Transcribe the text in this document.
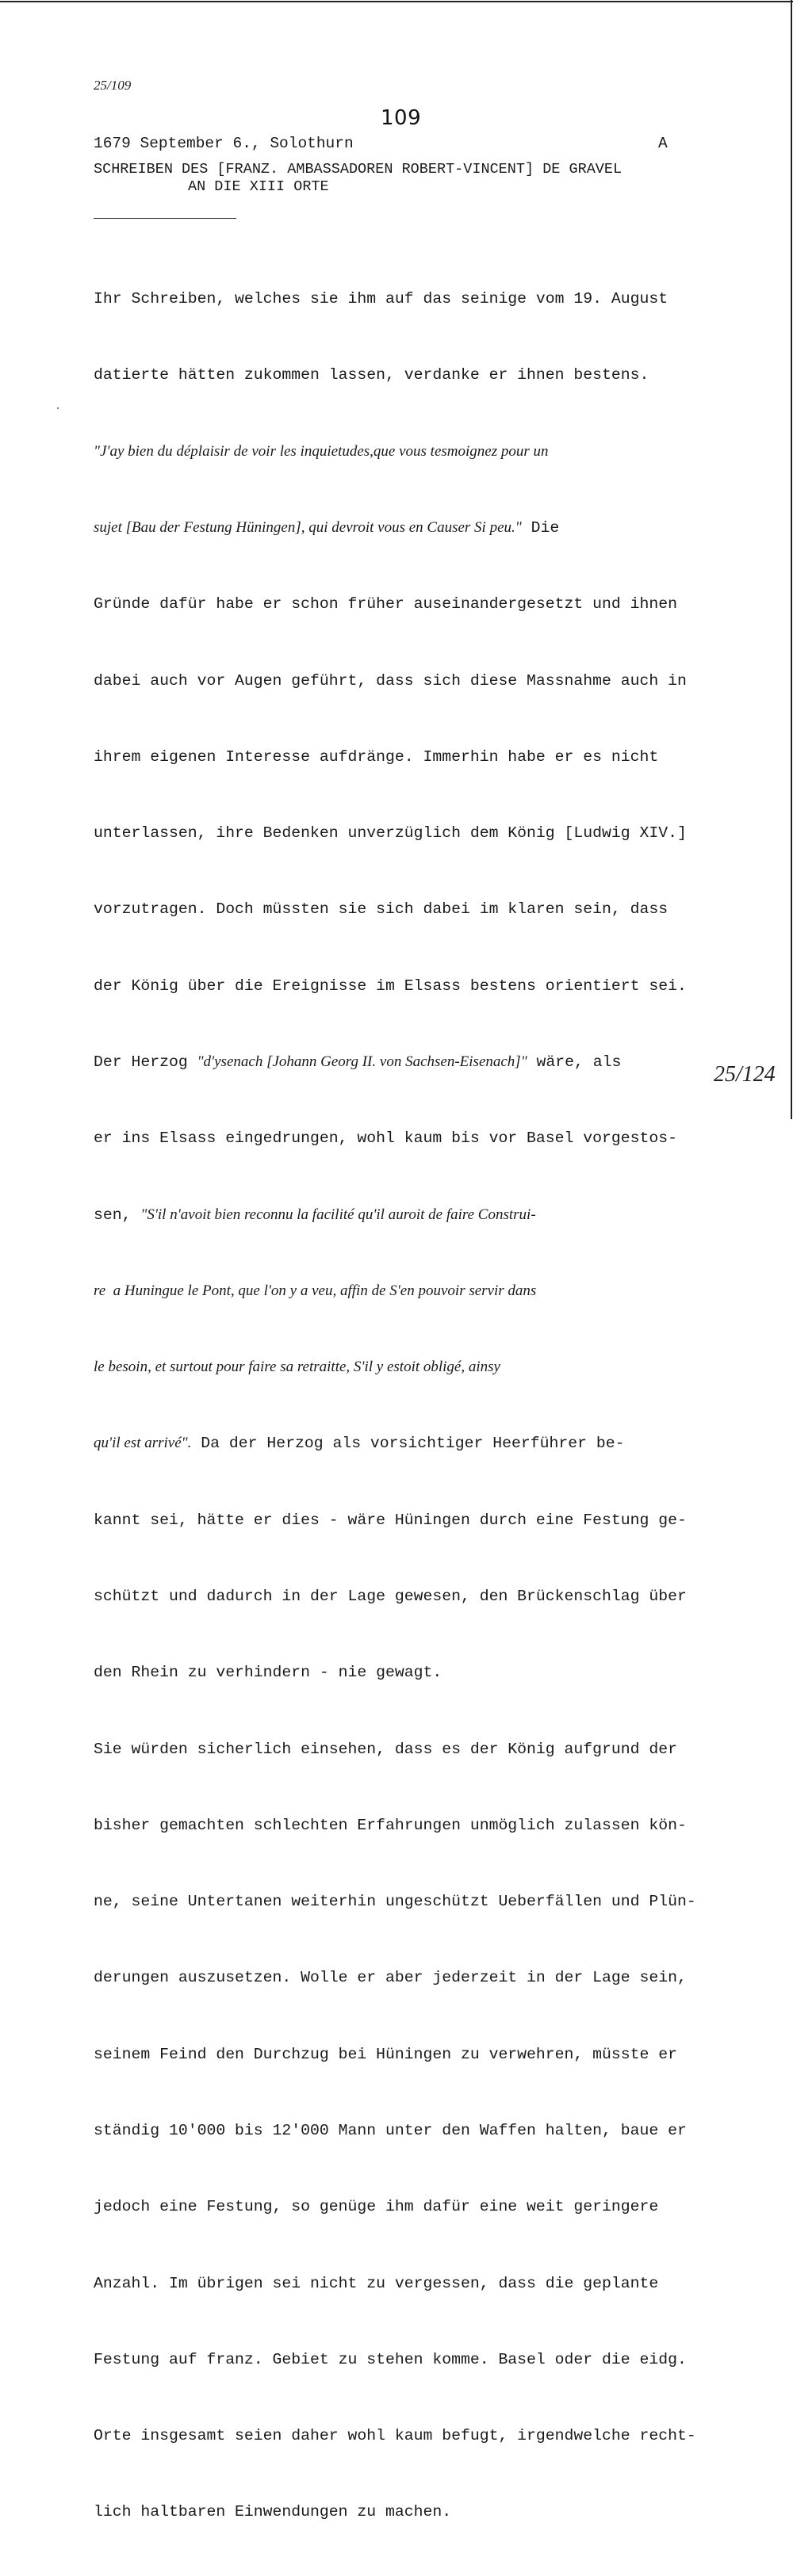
25/109
109
1679 September 6., Solothurn	A
SCHREIBEN DES [FRANZ. AMBASSADOREN ROBERT-VINCENT] DE GRAVEL
AN DIE XIII ORTE

Ihr Schreiben, welches sie ihm auf das seinige vom 19. August

datierte hätten zukommen lassen, verdanke er ihnen bestens.

"J'ay bien du déplaisir de voir les inquietudes,que vous tesmoignez pour un

sujet [Bau der Festung Hüningen], qui devroit vous en Causer Si peu." Die

Gründe dafür habe er schon früher auseinandergesetzt und ihnen

dabei auch vor Augen geführt, dass sich diese Massnahme auch in

ihrem eigenen Interesse aufdränge. Immerhin habe er es nicht

unterlassen, ihre Bedenken unverzüglich dem König [Ludwig XIV.]

vorzutragen. Doch müssten sie sich dabei im klaren sein, dass

der König über die Ereignisse im Elsass bestens orientiert sei.

Der Herzog "d'ysenach [Johann Georg II. von Sachsen-Eisenach]" wäre, als

er ins Elsass eingedrungen, wohl kaum bis vor Basel vorgestos-

sen, "S'il n'avoit bien reconnu la facilité qu'il auroit de faire Construi-

re  a Huningue le Pont, que l'on y a veu, affin de S'en pouvoir servir dans

le besoin, et surtout pour faire sa retraitte, S'il y estoit obligé, ainsy

qu'il est arrivé". Da der Herzog als vorsichtiger Heerführer be-

kannt sei, hätte er dies - wäre Hüningen durch eine Festung ge-

schützt und dadurch in der Lage gewesen, den Brückenschlag über

den Rhein zu verhindern - nie gewagt.

Sie würden sicherlich einsehen, dass es der König aufgrund der

bisher gemachten schlechten Erfahrungen unmöglich zulassen kön-

ne, seine Untertanen weiterhin ungeschützt Ueberfällen und Plün-

derungen auszusetzen. Wolle er aber jederzeit in der Lage sein,

seinem Feind den Durchzug bei Hüningen zu verwehren, müsste er

ständig 10'000 bis 12'000 Mann unter den Waffen halten, baue er

jedoch eine Festung, so genüge ihm dafür eine weit geringere

Anzahl. Im übrigen sei nicht zu vergessen, dass die geplante

Festung auf franz. Gebiet zu stehen komme. Basel oder die eidg.

Orte insgesamt seien daher wohl kaum befugt, irgendwelche recht-

lich haltbaren Einwendungen zu machen.

25/124
